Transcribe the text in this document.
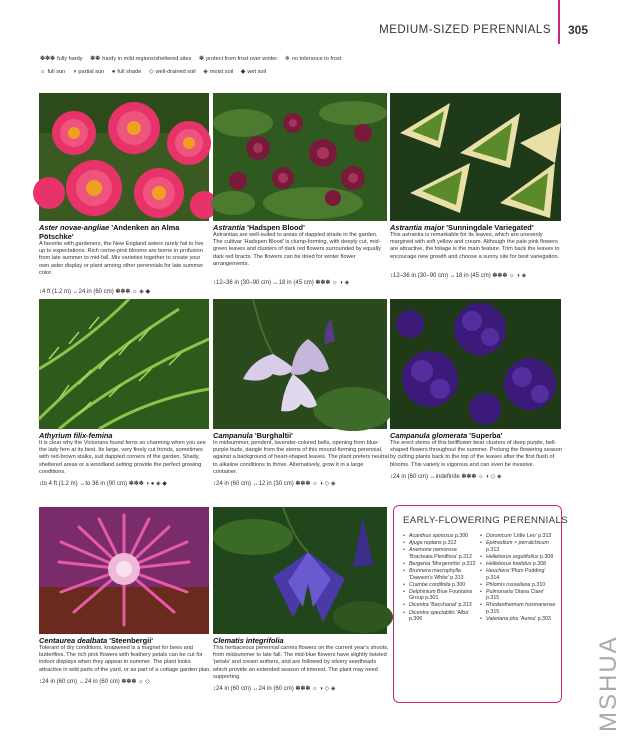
MEDIUM-SIZED PERENNIALS 305
✽✽✽ fully hardy ✽✽ hardy in mild regions/sheltered sites ✽ protect from frost over winter ❄ no tolerance to frost
☼ full sun ◑ partial sun ● full shade ◇ well-drained soil ◈ moist soil ◆ wet soil
Aster novae-angliae 'Andenken an Alma Pötschke'
A favorite with gardeners, the New England asters rarely fail to live up to expectations. Rich cerise-pink blooms are borne in profusion from late summer to mid-fall. Mix varieties together to create your own aster display or plant among other perennials for late summer color.
↕4 ft (1.2 m) ↔24 in (60 cm) ✽✽✽ ☼ ◈ ◆
Astrantia 'Hadspen Blood'
Astrantias are well-suited to areas of dappled shade in the garden. The cultivar 'Hadspen Blood' is clump-forming, with deeply cut, mid-green leaves and clusters of dark red flowers surrounded by equally dark red bracts. The flowers can be dried for winter flower arrangements.
↕12–36 in (30–90 cm) ↔18 in (45 cm) ✽✽✽ ☼ ◑ ◈
Astrantia major 'Sunningdale Variegated'
This astrantia is remarkable for its leaves, which are unevenly margined with soft yellow and cream. Although the pale pink flowers are attractive, the foliage is the main feature. Trim back the leaves to encourage new growth and choose a sunny site for best variegation.
↕12–36 in (30–90 cm) ↔18 in (45 cm) ✽✽✽ ☼ ◑ ◈
Athyrium filix-femina
It is clear why the Victorians found ferns so charming when you see the lady fern at its best. Its large, very finely cut fronds, sometimes with red-brown stalks, suit dappled corners of the garden. Shady, sheltered areas or a woodland setting provide the perfect growing conditions.
↕to 4 ft (1.2 m) ↔to 36 in (90 cm) ✽✽✽ ◑ ● ◈ ◆
Campanula 'Burghaltii'
In midsummer, pendent, lavender-colored bells, opening from blue-purple buds, dangle from the stems of this mound-forming perennial, against a background of heart-shaped leaves. The plant prefers neutral to alkaline conditions to thrive. Alternatively, grow it in a large container.
↕24 in (60 cm) ↔12 in (30 cm) ✽✽✽ ☼ ◑ ◇ ◈
Campanula glomerata 'Superba'
The erect stems of this bellflower bear clusters of deep purple, bell-shaped flowers throughout the summer. Prolong the flowering season by cutting plants back to the top of the leaves after the first flush of blooms. This variety is vigorous and can even be invasive.
↕24 in (60 cm) ↔indefinite ✽✽✽ ☼ ◑ ◇ ◈
Centaurea dealbata 'Steenbergii'
Tolerant of dry conditions, knapweed is a magnet for bees and butterflies. The rich pink flowers with feathery petals can be cut for indoor displays when they appear in summer. The plant looks attractive in wild parts of the yard, or as part of a cottage garden plan.
↕24 in (60 cm) ↔24 in (60 cm) ✽✽✽ ☼ ◇
Clematis integrifolia
This herbaceous perennial carries flowers on the current year's shoots, from midsummer to late fall. The mid-blue flowers have slightly twisted 'petals' and cream anthers, and are followed by silvery seedheads which provide an extended season of interest. The plant may need supporting.
↕24 in (60 cm) ↔24 in (60 cm) ✽✽✽ ☼ ◑ ◇ ◈
EARLY-FLOWERING PERENNIALS
• Acanthus spinosus p.300
• Ajuga reptans p.312
• Anemone nemorosa 'Bracteata Pleniflora' p.312
• Bergenia 'Morgenröte' p.312
• Brunnera macrophylla 'Dawson's White' p.313
• Crambe cordifolia p.300
• Delphinium Blue Fountains Group p.301
• Dicentra 'Bacchanal' p.313
• Dicentra spectabilis 'Alba' p.306
• Doronicum 'Little Leo' p.313
• Epimedium × perralchicum p.313
• Helleborus argutifolius p.308
• Helleborus foetidus p.308
• Heuchera 'Plum Pudding' p.314
• Phlomis russeliana p.310
• Pulmonaria 'Diana Clare' p.315
• Rhodanthemum hosmariense p.315
• Valeriana phu 'Aurea' p.303
MSHUA
